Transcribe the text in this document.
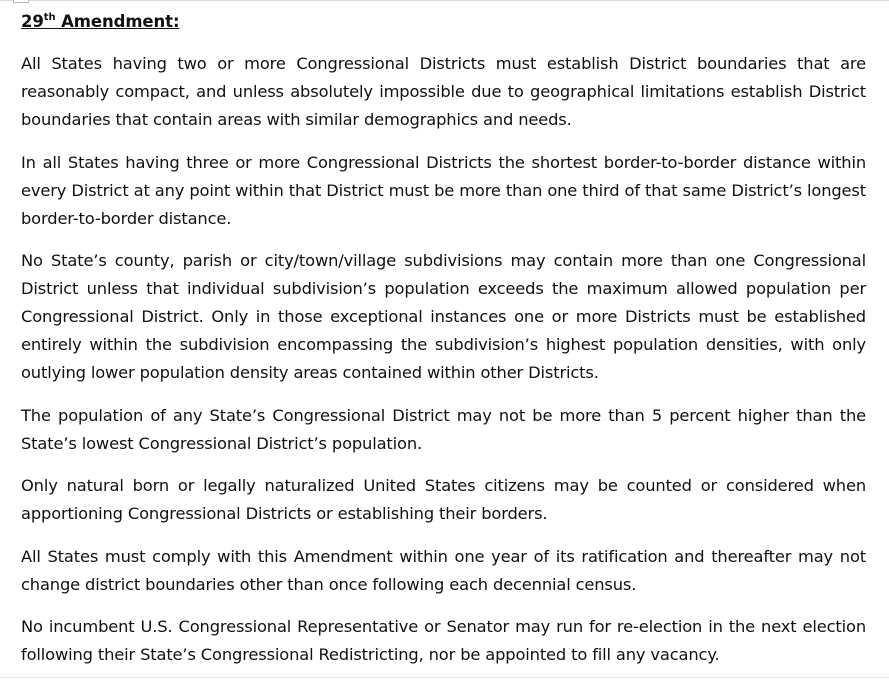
29th Amendment:

All States having two or more Congressional Districts must establish District boundaries that are reasonably compact, and unless absolutely impossible due to geographical limitations establish District boundaries that contain areas with similar demographics and needs.

In all States having three or more Congressional Districts the shortest border-to-border distance within every District at any point within that District must be more than one third of that same District’s longest border-to-border distance.

No State’s county, parish or city/town/village subdivisions may contain more than one Congressional District unless that individual subdivision’s population exceeds the maximum allowed population per Congressional District. Only in those exceptional instances one or more Districts must be established entirely within the subdivision encompassing the subdivision’s highest population densities, with only outlying lower population density areas contained within other Districts.

The population of any State’s Congressional District may not be more than 5 percent higher than the State’s lowest Congressional District’s population.

Only natural born or legally naturalized United States citizens may be counted or considered when apportioning Congressional Districts or establishing their borders.

All States must comply with this Amendment within one year of its ratification and thereafter may not change district boundaries other than once following each decennial census.

No incumbent U.S. Congressional Representative or Senator may run for re-election in the next election following their State’s Congressional Redistricting, nor be appointed to fill any vacancy.
